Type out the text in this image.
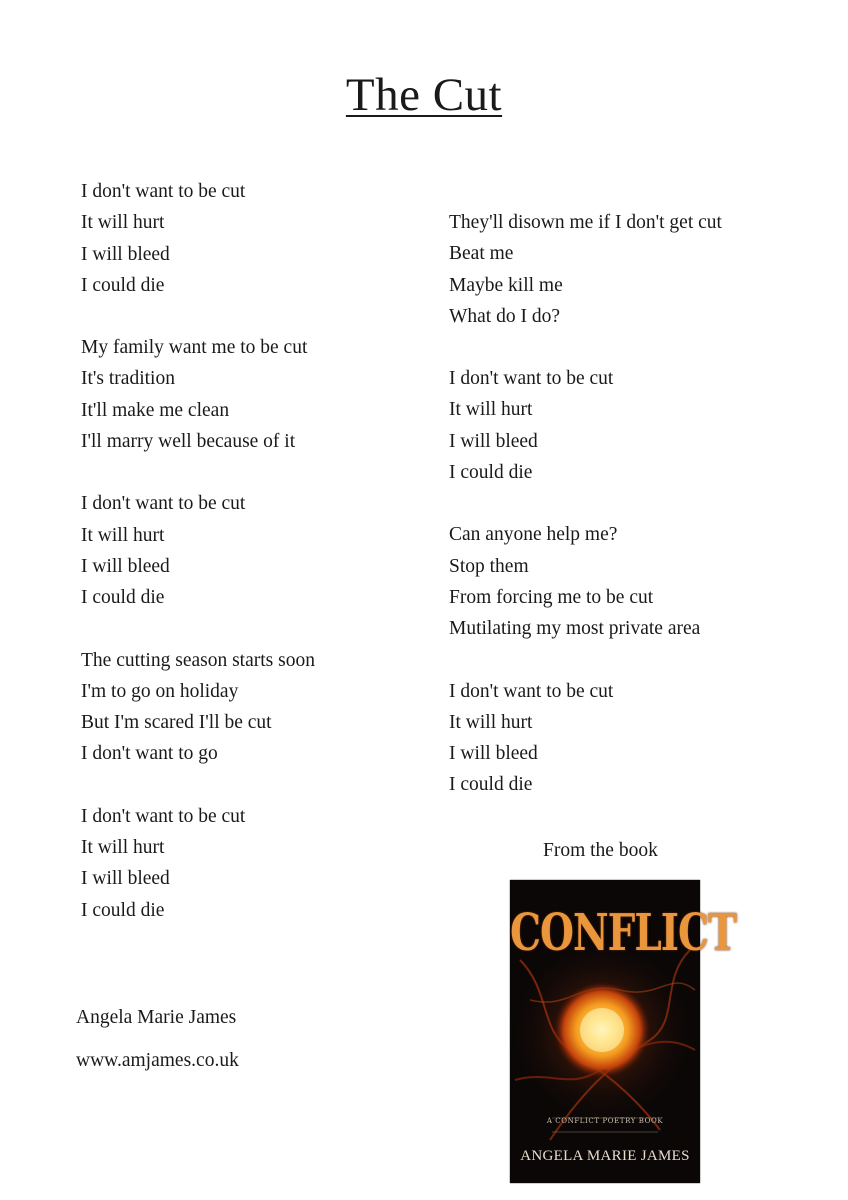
The Cut
I don't want to be cut
It will hurt
I will bleed
I could die
My family want me to be cut
It's tradition
It'll make me clean
I'll marry well because of it
I don't want to be cut
It will hurt
I will bleed
I could die
The cutting season starts soon
I'm to go on holiday
But I'm scared I'll be cut
I don't want to go
I don't want to be cut
It will hurt
I will bleed
I could die
They'll disown me if I don't get cut
Beat me
Maybe kill me
What do I do?
I don't want to be cut
It will hurt
I will bleed
I could die
Can anyone help me?
Stop them
From forcing me to be cut
Mutilating my most private area
I don't want to be cut
It will hurt
I will bleed
I could die
From the book
CONFLICT
A CONFLICT POETRY BOOK
ANGELA MARIE JAMES
Angela Marie James
www.amjames.co.uk
